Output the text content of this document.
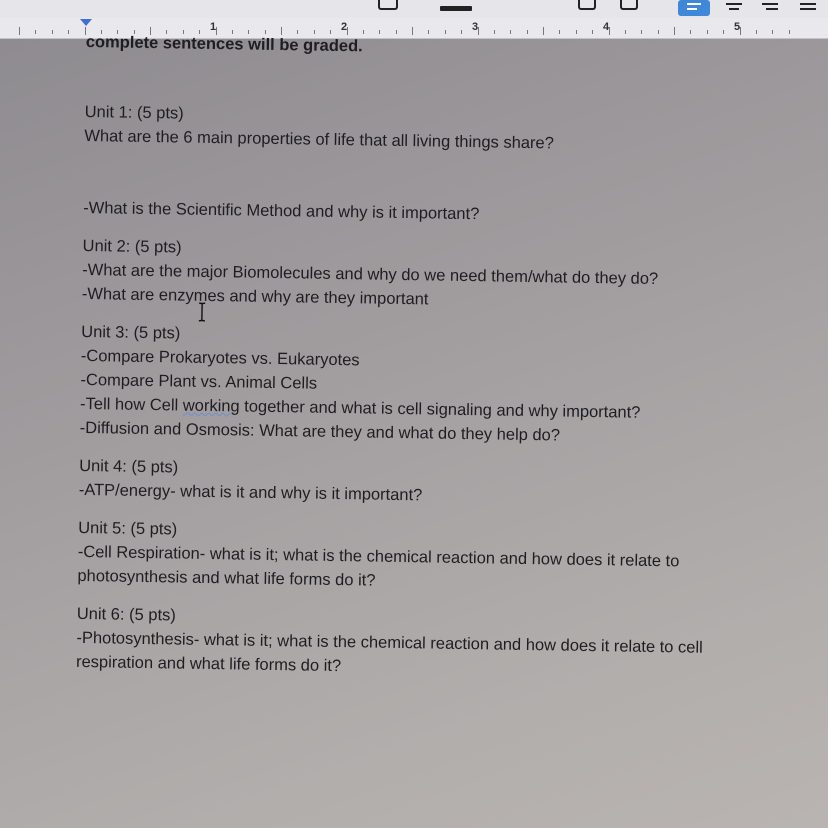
1	2	3	4	5
complete sentences will be graded.
Unit 1: (5 pts)
What are the 6 main properties of life that all living things share?
-What is the Scientific Method and why is it important?
Unit 2: (5 pts)
-What are the major Biomolecules and why do we need them/what do they do?
-What are enzymes and why are they important
Unit 3: (5 pts)
-Compare Prokaryotes vs. Eukaryotes
-Compare Plant vs. Animal Cells
-Tell how Cell working together and what is cell signaling and why important?
-Diffusion and Osmosis: What are they and what do they help do?
Unit 4: (5 pts)
-ATP/energy- what is it and why is it important?
Unit 5: (5 pts)
-Cell Respiration- what is it; what is the chemical reaction and how does it relate to
photosynthesis and what life forms do it?
Unit 6: (5 pts)
-Photosynthesis- what is it; what is the chemical reaction and how does it relate to cell
respiration and what life forms do it?
